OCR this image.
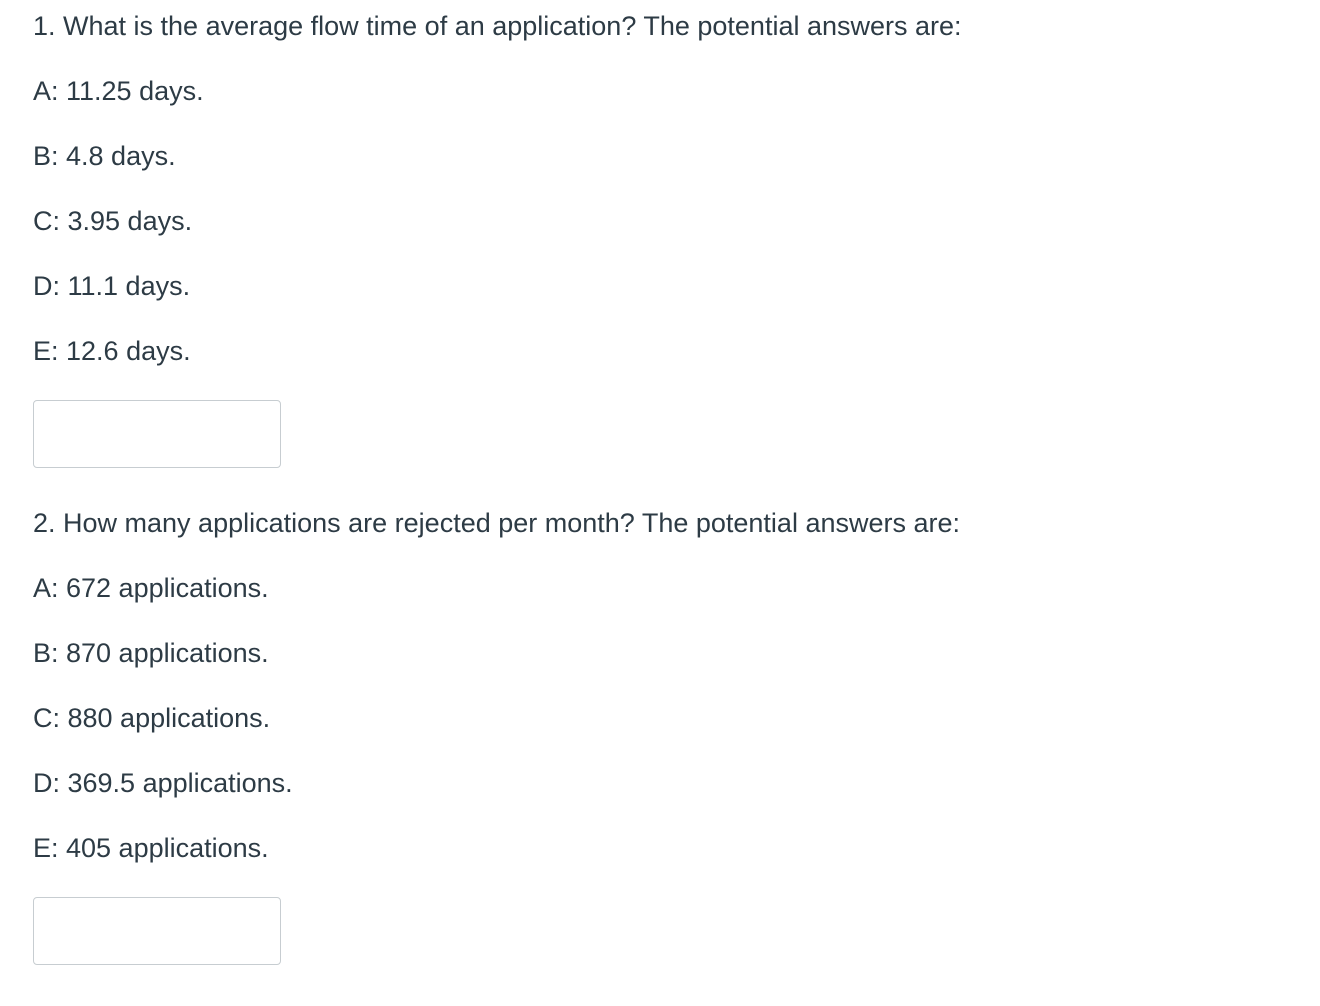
1. What is the average flow time of an application? The potential answers are:
A: 11.25 days.
B: 4.8 days.
C: 3.95 days.
D: 11.1 days.
E: 12.6 days.
2. How many applications are rejected per month? The potential answers are:
A: 672 applications.
B: 870 applications.
C: 880 applications.
D: 369.5 applications.
E: 405 applications.
